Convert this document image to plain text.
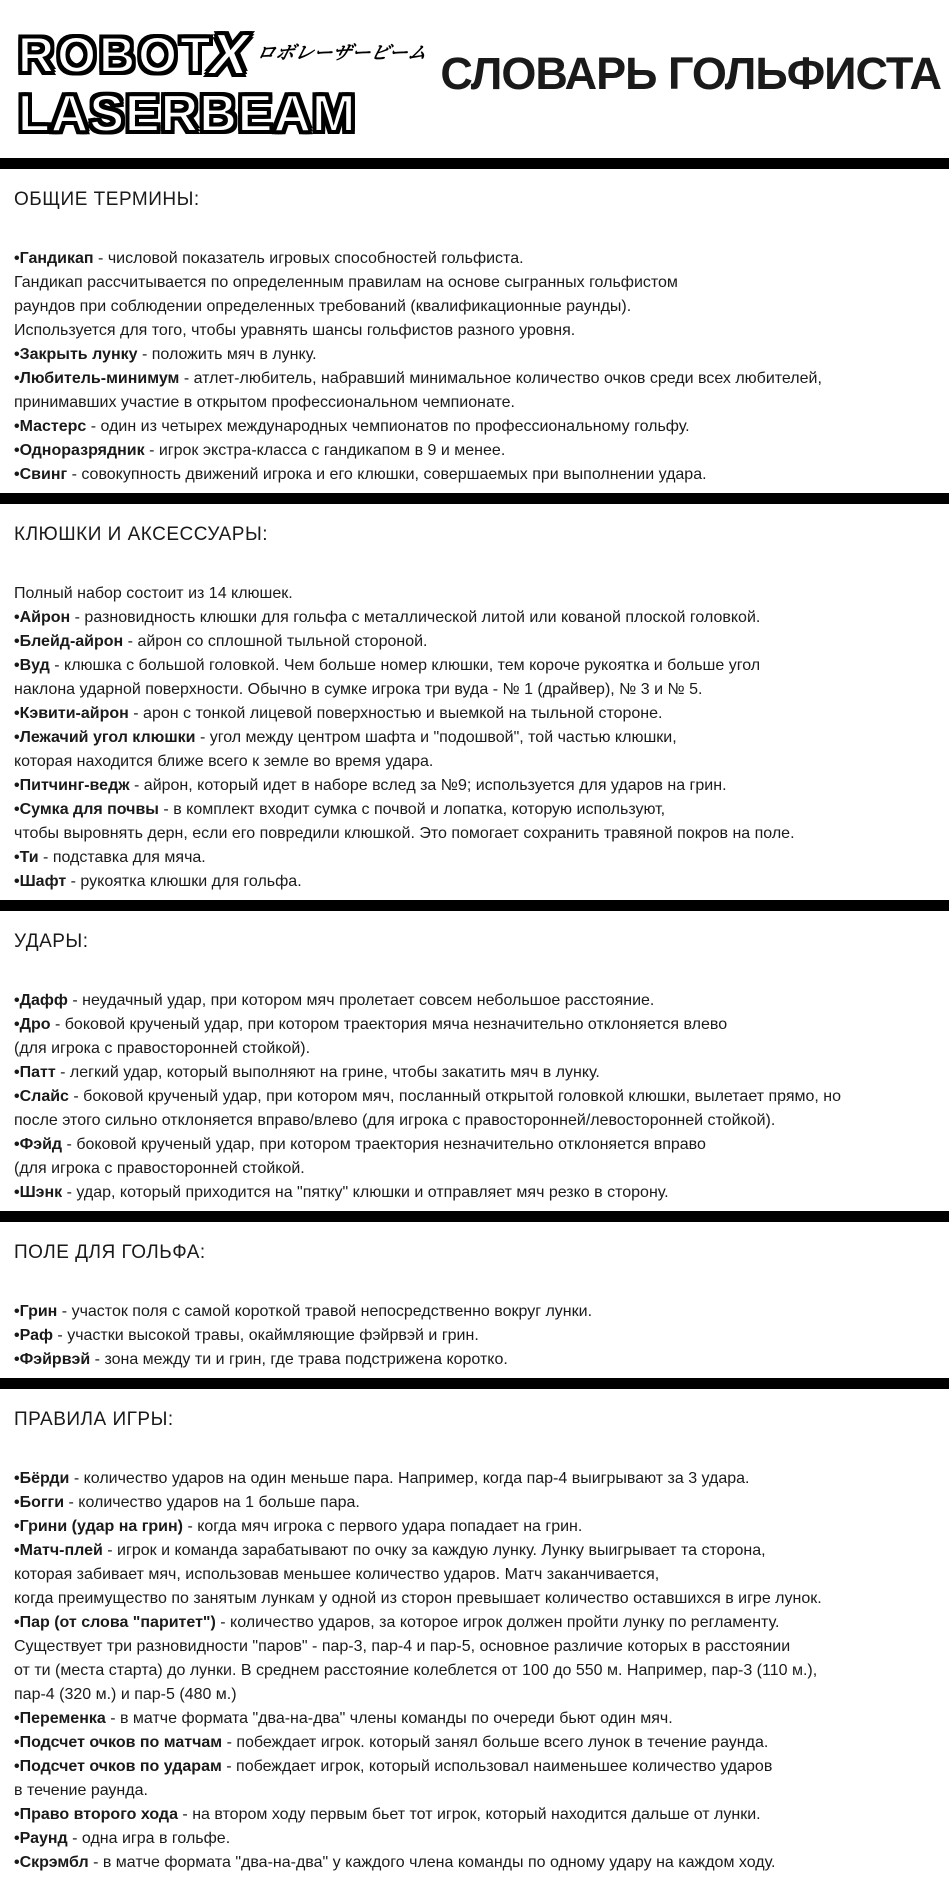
ROBOT
X
ロボレーザービーム
LASERBEAM
СЛОВАРЬ ГОЛЬФИСТА
ОБЩИЕ ТЕРМИНЫ:

•Гандикап - числовой показатель игровых способностей гольфиста.

Гандикап рассчитывается по определенным правилам на основе сыгранных гольфистом

раундов при соблюдении определенных требований (квалификационные раунды).

Используется для того, чтобы уравнять шансы гольфистов разного уровня.

•Закрыть лунку - положить мяч в лунку.

•Любитель-минимум - атлет-любитель, набравший минимальное количество очков среди всех любителей,

принимавших участие в открытом профессиональном чемпионате.

•Мастерс - один из четырех международных чемпионатов по профессиональному гольфу.

•Одноразрядник - игрок экстра-класса с гандикапом в 9 и менее.

•Свинг - совокупность движений игрока и его клюшки, совершаемых при выполнении удара.

КЛЮШКИ И АКСЕССУАРЫ:

Полный набор состоит из 14 клюшек.

•Айрон - разновидность клюшки для гольфа с металлической литой или кованой плоской головкой.

•Блейд-айрон - айрон со сплошной тыльной стороной.

•Вуд - клюшка с большой головкой. Чем больше номер клюшки, тем короче рукоятка и больше угол

наклона ударной поверхности. Обычно в сумке игрока три вуда - № 1 (драйвер), № 3 и № 5.

•Кэвити-айрон - арон с тонкой лицевой поверхностью и выемкой на тыльной стороне.

•Лежачий угол клюшки - угол между центром шафта и "подошвой", той частью клюшки,

которая находится ближе всего к земле во время удара.

•Питчинг-ведж - айрон, который идет в наборе вслед за №9; используется для ударов на грин.

•Сумка для почвы - в комплект входит сумка с почвой и лопатка, которую используют,

чтобы выровнять дерн, если его повредили клюшкой. Это помогает сохранить травяной покров на поле.

•Ти - подставка для мяча.

•Шафт - рукоятка клюшки для гольфа.

УДАРЫ:

•Дафф - неудачный удар, при котором мяч пролетает совсем небольшое расстояние.

•Дро - боковой крученый удар, при котором траектория мяча незначительно отклоняется влево

(для игрока с правосторонней стойкой).

•Патт - легкий удар, который выполняют на грине, чтобы закатить мяч в лунку.

•Слайс - боковой крученый удар, при котором мяч, посланный открытой головкой клюшки, вылетает прямо, но

после этого сильно отклоняется вправо/влево (для игрока с правосторонней/левосторонней стойкой).

•Фэйд - боковой крученый удар, при котором траектория незначительно отклоняется вправо

(для игрока с правосторонней стойкой.

•Шэнк - удар, который приходится на "пятку" клюшки и отправляет мяч резко в сторону.

ПОЛЕ ДЛЯ ГОЛЬФА:

•Грин - участок поля с самой короткой травой непосредственно вокруг лунки.

•Раф - участки высокой травы, окаймляющие фэйрвэй и грин.

•Фэйрвэй - зона между ти и грин, где трава подстрижена коротко.

ПРАВИЛА ИГРЫ:

•Бёрди - количество ударов на один меньше пара. Например, когда пар-4 выигрывают за 3 удара.

•Богги - количество ударов на 1 больше пара.

•Грини (удар на грин) - когда мяч игрока с первого удара попадает на грин.

•Матч-плей - игрок и команда зарабатывают по очку за каждую лунку. Лунку выигрывает та сторона,

которая забивает мяч, использовав меньшее количество ударов. Матч заканчивается,

когда преимущество по занятым лункам у одной из сторон превышает количество оставшихся в игре лунок.

•Пар (от слова "паритет") - количество ударов, за которое игрок должен пройти лунку по регламенту.

Существует три разновидности "паров" - пар-3, пар-4 и пар-5, основное различие которых в расстоянии

от ти (места старта) до лунки. В среднем расстояние колеблется от 100 до 550 м. Например, пар-3 (110 м.),

пар-4 (320 м.) и пар-5 (480 м.)

•Переменка - в матче формата "два-на-два" члены команды по очереди бьют один мяч.

•Подсчет очков по матчам - побеждает игрок. который занял больше всего лунок в течение раунда.

•Подсчет очков по ударам - побеждает игрок, который использовал наименьшее количество ударов

в течение раунда.

•Право второго хода - на втором ходу первым бьет тот игрок, который находится дальше от лунки.

•Раунд - одна игра в гольфе.

•Скрэмбл - в матче формата "два-на-два" у каждого члена команды по одному удару на каждом ходу.
